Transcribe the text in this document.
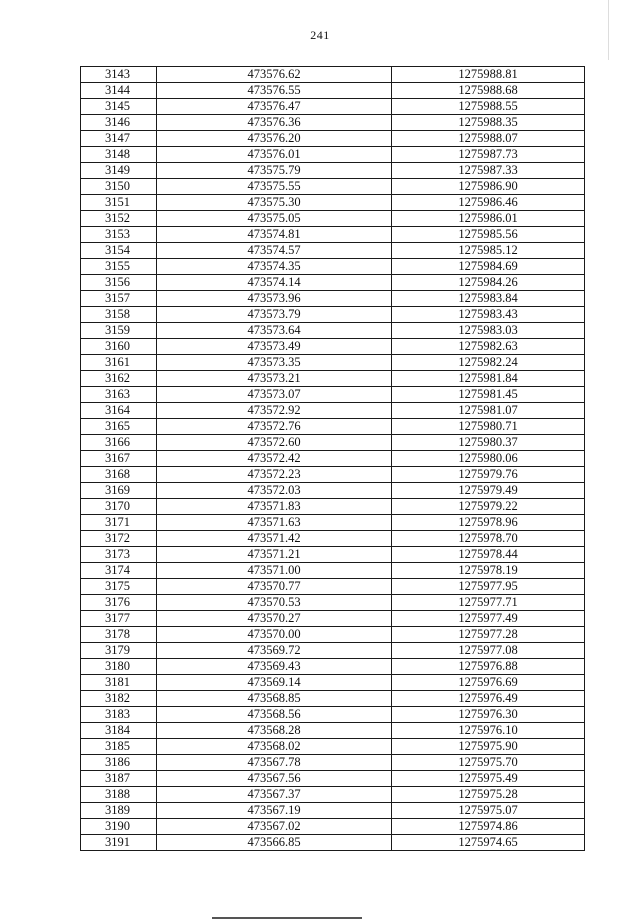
241
3143	473576.62	1275988.81
3144	473576.55	1275988.68
3145	473576.47	1275988.55
3146	473576.36	1275988.35
3147	473576.20	1275988.07
3148	473576.01	1275987.73
3149	473575.79	1275987.33
3150	473575.55	1275986.90
3151	473575.30	1275986.46
3152	473575.05	1275986.01
3153	473574.81	1275985.56
3154	473574.57	1275985.12
3155	473574.35	1275984.69
3156	473574.14	1275984.26
3157	473573.96	1275983.84
3158	473573.79	1275983.43
3159	473573.64	1275983.03
3160	473573.49	1275982.63
3161	473573.35	1275982.24
3162	473573.21	1275981.84
3163	473573.07	1275981.45
3164	473572.92	1275981.07
3165	473572.76	1275980.71
3166	473572.60	1275980.37
3167	473572.42	1275980.06
3168	473572.23	1275979.76
3169	473572.03	1275979.49
3170	473571.83	1275979.22
3171	473571.63	1275978.96
3172	473571.42	1275978.70
3173	473571.21	1275978.44
3174	473571.00	1275978.19
3175	473570.77	1275977.95
3176	473570.53	1275977.71
3177	473570.27	1275977.49
3178	473570.00	1275977.28
3179	473569.72	1275977.08
3180	473569.43	1275976.88
3181	473569.14	1275976.69
3182	473568.85	1275976.49
3183	473568.56	1275976.30
3184	473568.28	1275976.10
3185	473568.02	1275975.90
3186	473567.78	1275975.70
3187	473567.56	1275975.49
3188	473567.37	1275975.28
3189	473567.19	1275975.07
3190	473567.02	1275974.86
3191	473566.85	1275974.65
